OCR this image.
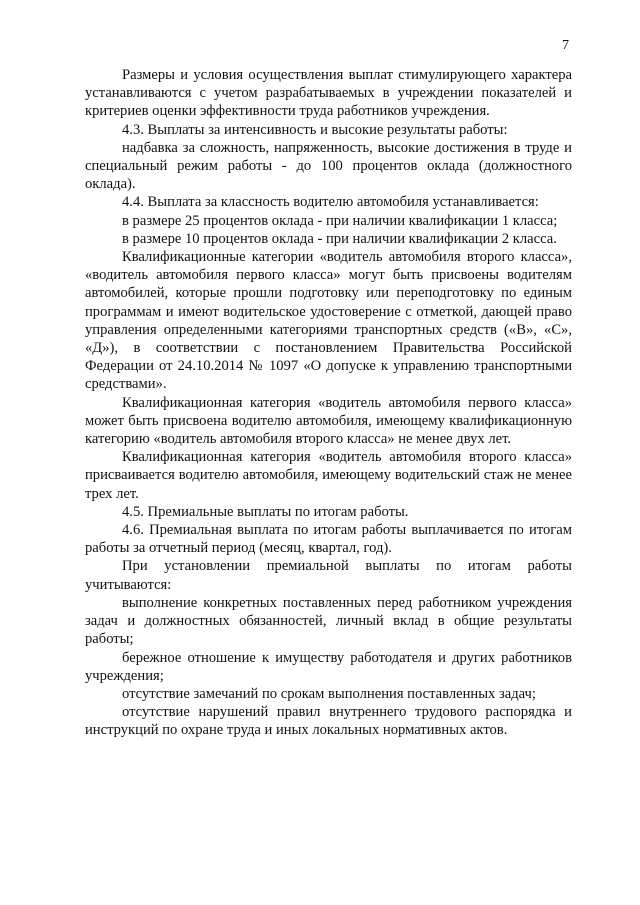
7

Размеры и условия осуществления выплат стимулирующего характера устанавливаются с учетом разрабатываемых в учреждении показателей и критериев оценки эффективности труда работников учреждения.

4.3. Выплаты за интенсивность и высокие результаты работы:

надбавка за сложность, напряженность, высокие достижения в труде и специальный режим работы - до 100 процентов оклада (должностного оклада).

4.4. Выплата за классность водителю автомобиля устанавливается:

в размере 25 процентов оклада - при наличии квалификации 1 класса;

в размере 10 процентов оклада - при наличии квалификации 2 класса.

Квалификационные категории «водитель автомобиля второго класса», «водитель автомобиля первого класса» могут быть присвоены водителям автомобилей, которые прошли подготовку или переподготовку по единым программам и имеют водительское удостоверение с отметкой, дающей право управления определенными категориями транспортных средств («В», «С», «Д»), в соответствии с постановлением Правительства Российской Федерации от 24.10.2014 № 1097 «О допуске к управлению транспортными средствами».

Квалификационная категория «водитель автомобиля первого класса» может быть присвоена водителю автомобиля, имеющему квалификационную категорию «водитель автомобиля второго класса» не менее двух лет.

Квалификационная категория «водитель автомобиля второго класса» присваивается водителю автомобиля, имеющему водительский стаж не менее трех лет.

4.5. Премиальные выплаты по итогам работы.

4.6. Премиальная выплата по итогам работы выплачивается по итогам работы за отчетный период (месяц, квартал, год).

При установлении премиальной выплаты по итогам работы учитываются:

выполнение конкретных поставленных перед работником учреждения задач и должностных обязанностей, личный вклад в общие результаты работы;

бережное отношение к имуществу работодателя и других работников учреждения;

отсутствие замечаний по срокам выполнения поставленных задач;

отсутствие нарушений правил внутреннего трудового распорядка и инструкций по охране труда и иных локальных нормативных актов.
